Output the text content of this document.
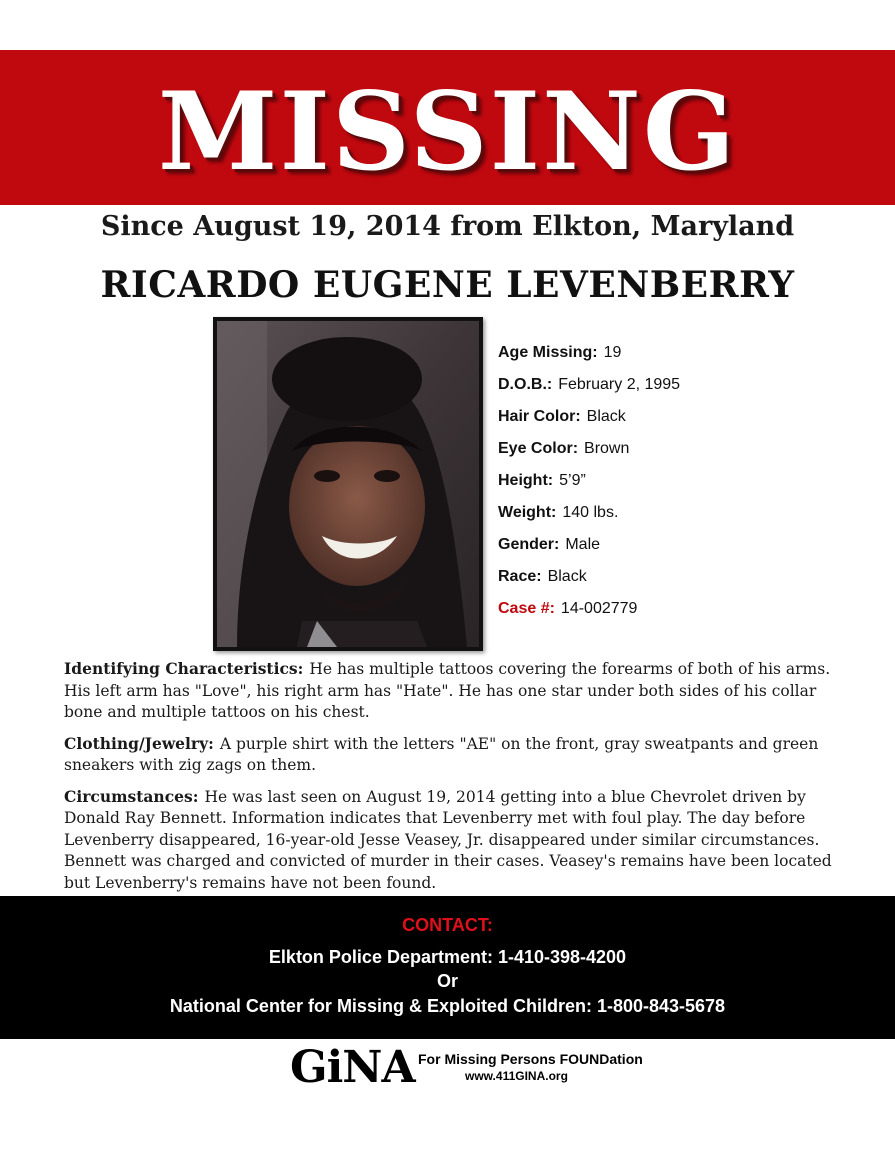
MISSING
Since August 19, 2014 from Elkton, Maryland
RICARDO EUGENE LEVENBERRY
Age Missing: 19
D.O.B.: February 2, 1995
Hair Color: Black
Eye Color: Brown
Height: 5’9”
Weight: 140 lbs.
Gender: Male
Race: Black
Case #: 14-002779

Identifying Characteristics: He has multiple tattoos covering the forearms of both of his arms. His left arm has "Love", his right arm has "Hate". He has one star under both sides of his collar bone and multiple tattoos on his chest.

Clothing/Jewelry: A purple shirt with the letters "AE" on the front, gray sweatpants and green sneakers with zig zags on them.

Circumstances: He was last seen on August 19, 2014 getting into a blue Chevrolet driven by Donald Ray Bennett. Information indicates that Levenberry met with foul play. The day before Levenberry disappeared, 16-year-old Jesse Veasey, Jr. disappeared under similar circumstances. Bennett was charged and convicted of murder in their cases. Veasey's remains have been located but Levenberry's remains have not been found.

CONTACT:
Elkton Police Department: 1-410-398-4200
Or
National Center for Missing & Exploited Children: 1-800-843-5678
GiNA For Missing Persons FOUNDation
www.411GINA.org
